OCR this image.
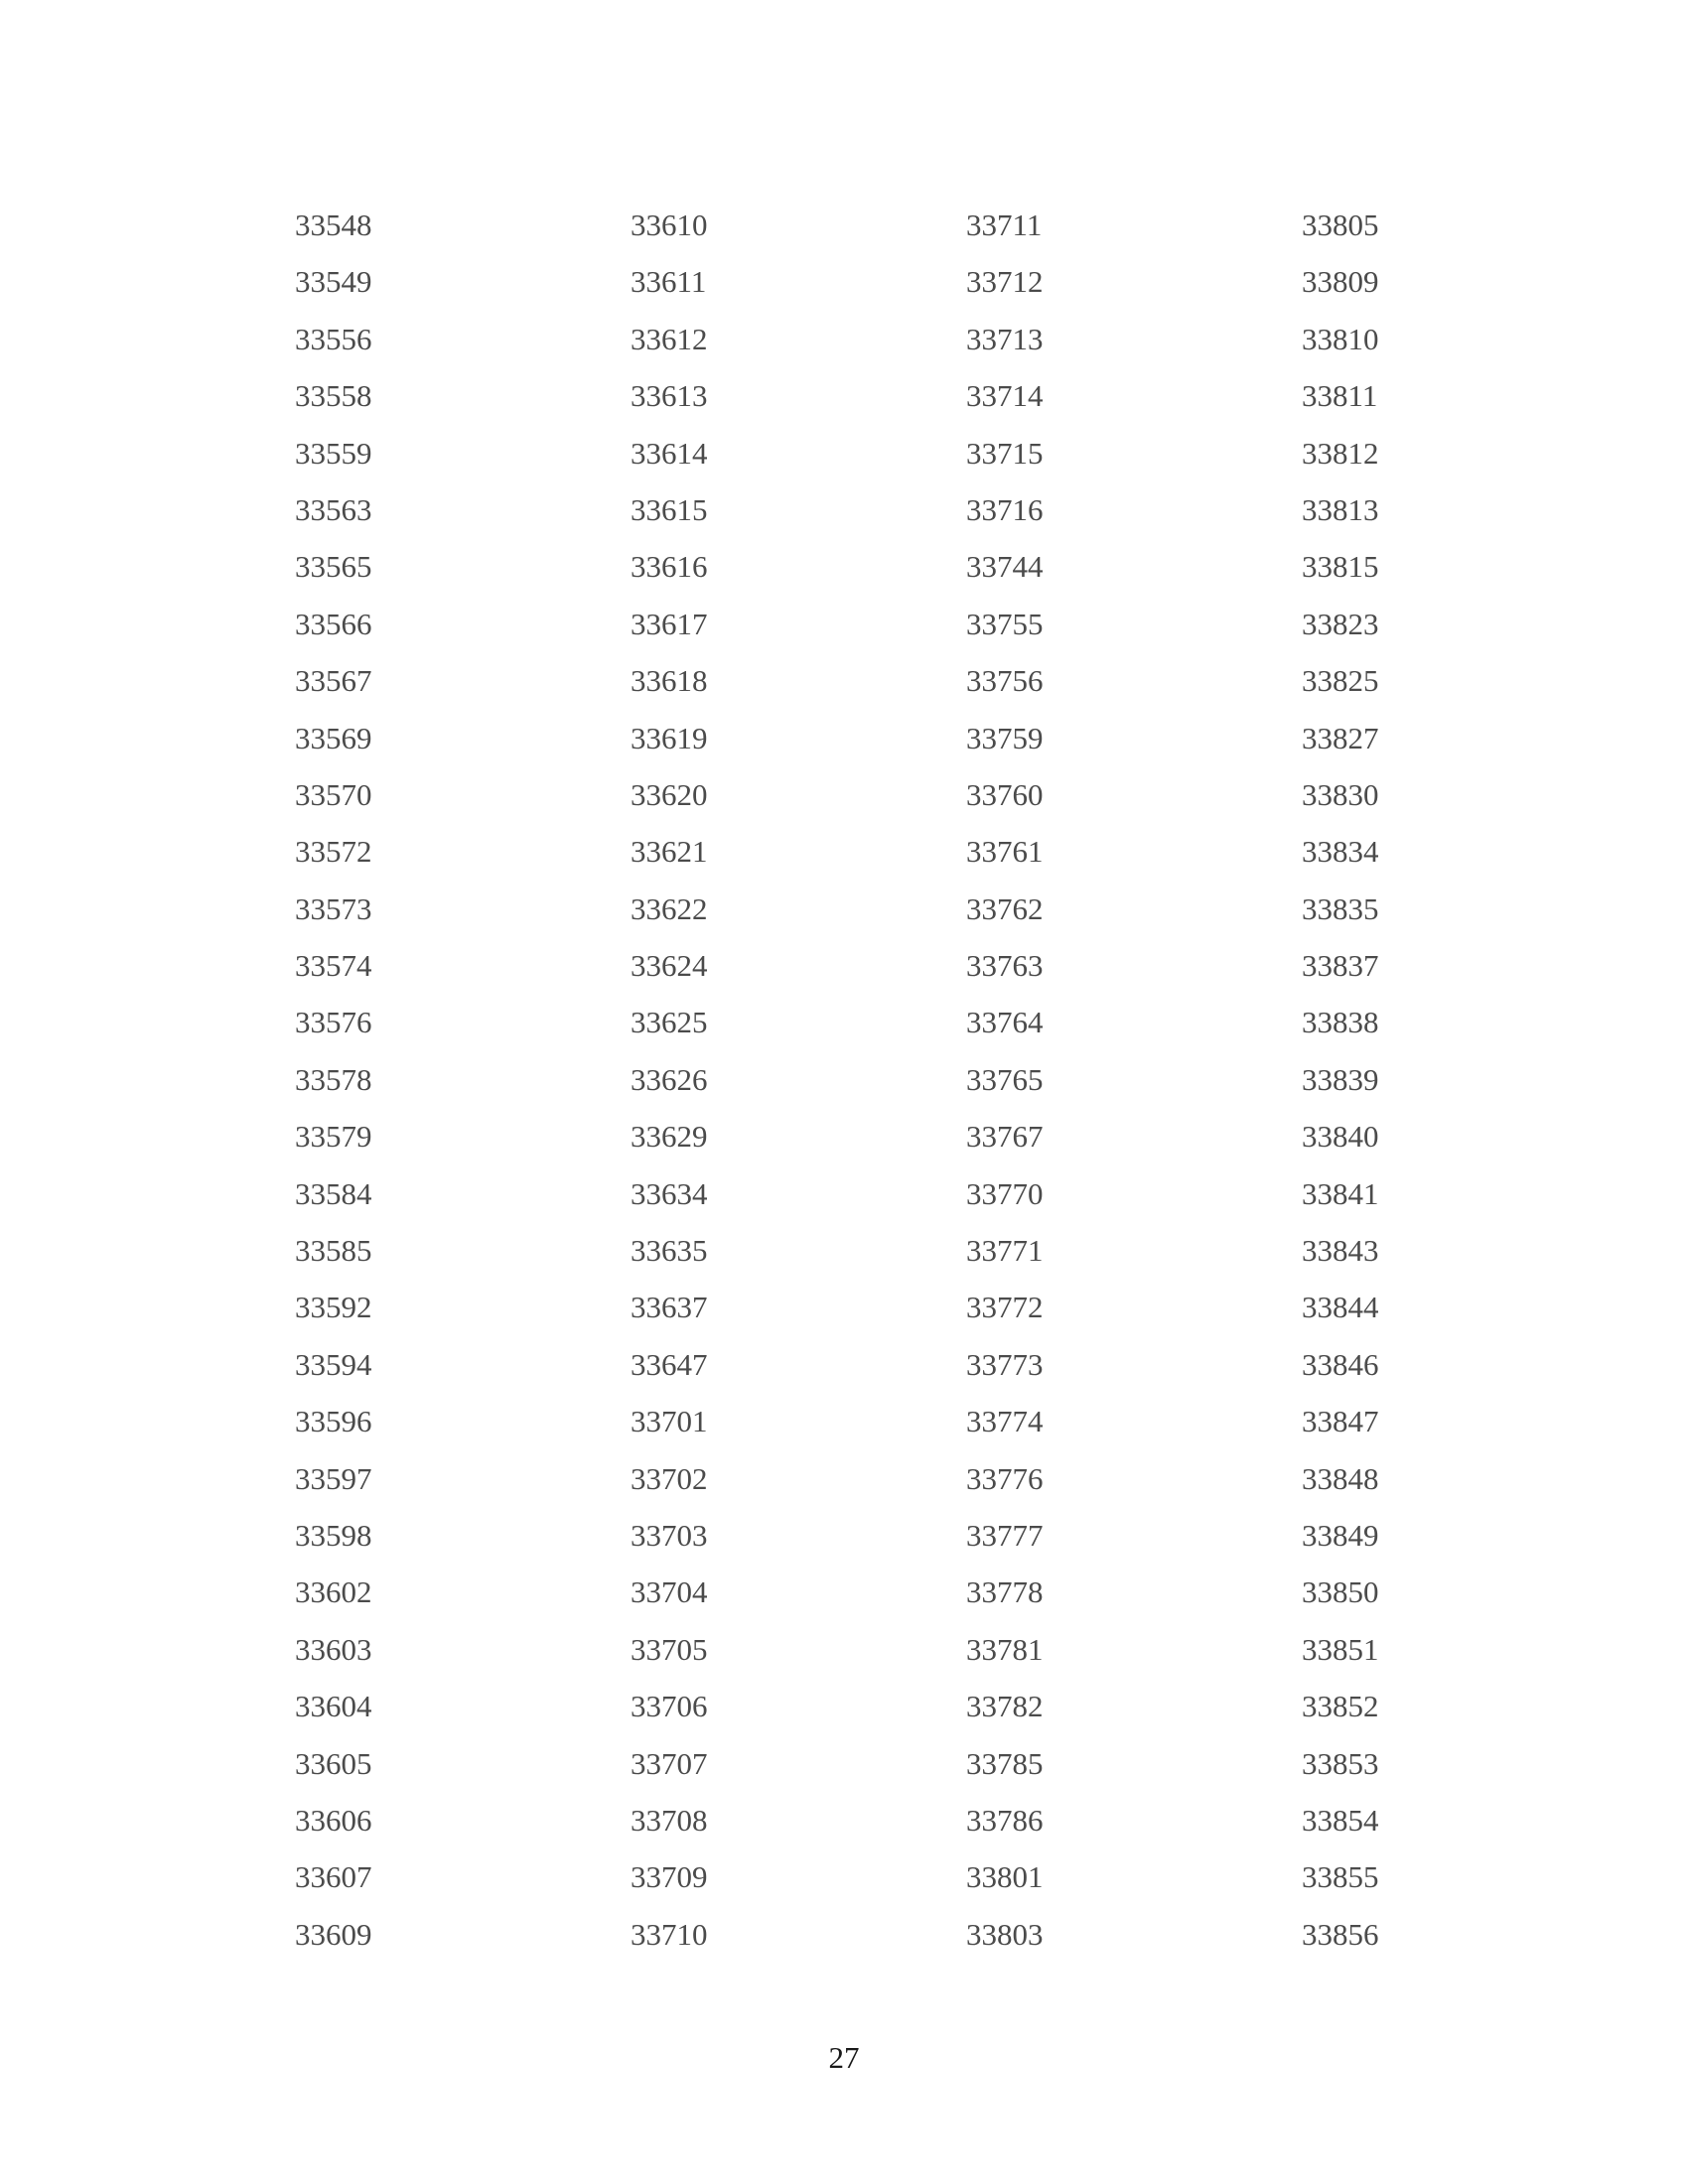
33548
33549
33556
33558
33559
33563
33565
33566
33567
33569
33570
33572
33573
33574
33576
33578
33579
33584
33585
33592
33594
33596
33597
33598
33602
33603
33604
33605
33606
33607
33609
33610
33611
33612
33613
33614
33615
33616
33617
33618
33619
33620
33621
33622
33624
33625
33626
33629
33634
33635
33637
33647
33701
33702
33703
33704
33705
33706
33707
33708
33709
33710
33711
33712
33713
33714
33715
33716
33744
33755
33756
33759
33760
33761
33762
33763
33764
33765
33767
33770
33771
33772
33773
33774
33776
33777
33778
33781
33782
33785
33786
33801
33803
33805
33809
33810
33811
33812
33813
33815
33823
33825
33827
33830
33834
33835
33837
33838
33839
33840
33841
33843
33844
33846
33847
33848
33849
33850
33851
33852
33853
33854
33855
33856
27
